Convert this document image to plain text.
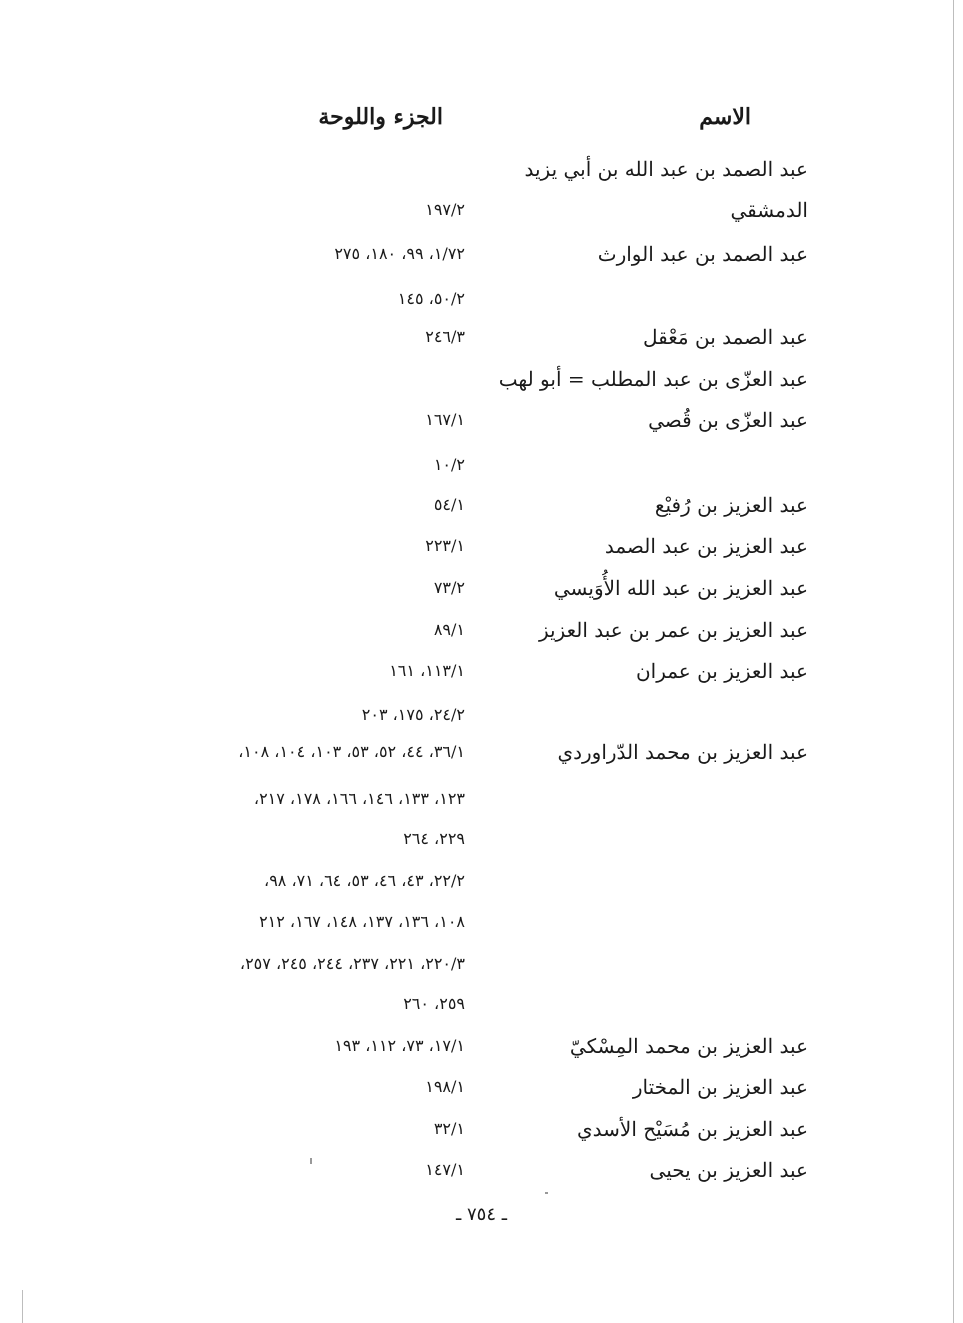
الاسم
الجزء واللوحة
عبد الصمد بن عبد الله بن أبي يزيد
الدمشقي
١٩٧/٢
عبد الصمد بن عبد الوارث
١/٧٢، ٩٩، ١٨٠، ٢٧٥
٥٠/٢، ١٤٥
عبد الصمد بن مَعْقل
٢٤٦/٣
عبد العزّى بن عبد المطلب = أبو لهب
عبد العزّى بن قُصي
١٦٧/١
١٠/٢
عبد العزيز بن رُفيْع
٥٤/١
عبد العزيز بن عبد الصمد
٢٢٣/١
عبد العزيز بن عبد الله الأُوَيسي
٧٣/٢
عبد العزيز بن عمر بن عبد العزيز
٨٩/١
عبد العزيز بن عمران
١١٣/١، ١٦١
٢٤/٢، ١٧٥، ٢٠٣
عبد العزيز بن محمد الدّراوردي
٣٦/١، ٤٤، ٥٢، ٥٣، ١٠٣، ١٠٤، ١٠٨،
١٢٣، ١٣٣، ١٤٦، ١٦٦، ١٧٨، ٢١٧،
٢٢٩، ٢٦٤
٢٢/٢، ٤٣، ٤٦، ٥٣، ٦٤، ٧١، ٩٨،
١٠٨، ١٣٦، ١٣٧، ١٤٨، ١٦٧، ٢١٢
٢٢٠/٣، ٢٢١، ٢٣٧، ٢٤٤، ٢٤٥، ٢٥٧،
٢٥٩، ٢٦٠
عبد العزيز بن محمد المِسْكيّ
١٧/١، ٧٣، ١١٢، ١٩٣
عبد العزيز بن المختار
١٩٨/١
عبد العزيز بن مُسَيْح الأسدي
٣٢/١
عبد العزيز بن يحيى
١٤٧/١
ـ ٧٥٤ ـ
